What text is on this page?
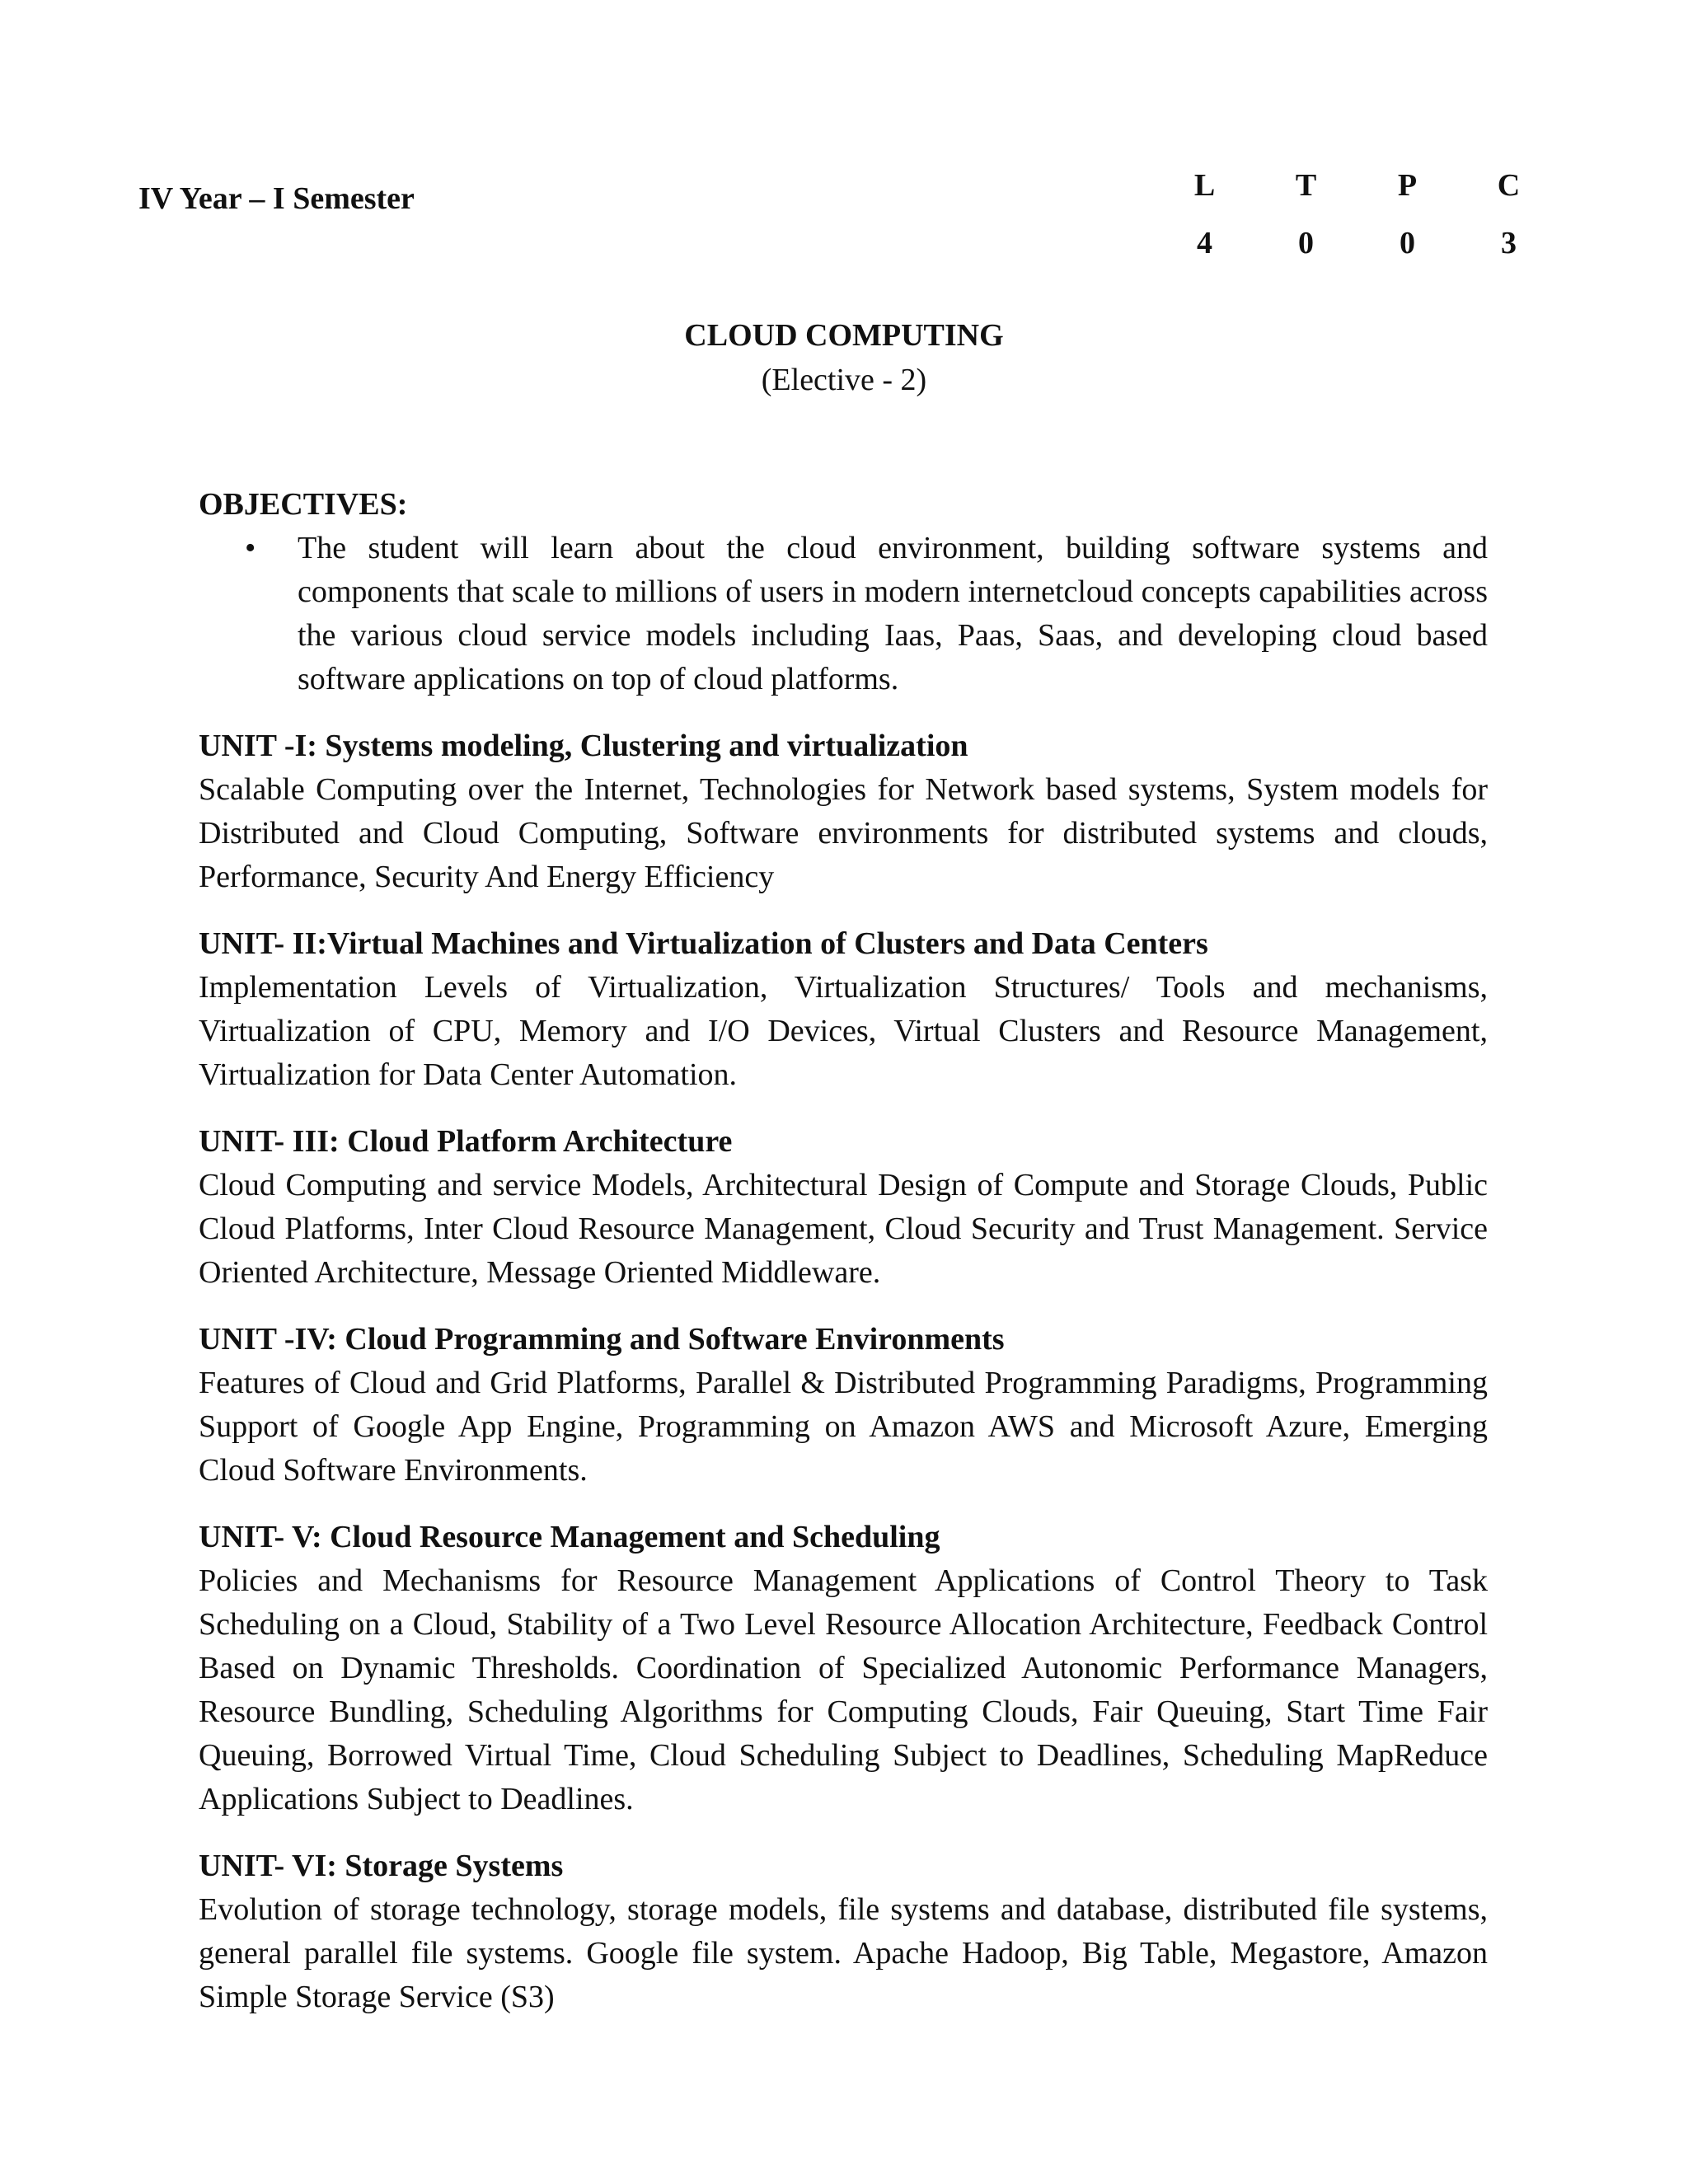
IV Year – I Semester	L	T	P	C
4	0	0	3
CLOUD COMPUTING
(Elective - 2)
OBJECTIVES:
• The student will learn about the cloud environment, building software systems and components that scale to millions of users in modern internetcloud concepts capabilities across the various cloud service models including Iaas, Paas, Saas, and developing cloud based software applications on top of cloud platforms.
UNIT -I: Systems modeling, Clustering and virtualization
Scalable Computing over the Internet, Technologies for Network based systems, System models for Distributed and Cloud Computing, Software environments for distributed systems and clouds, Performance, Security And Energy Efficiency
UNIT- II:Virtual Machines and Virtualization of Clusters and Data Centers
Implementation Levels of Virtualization, Virtualization Structures/ Tools and mechanisms, Virtualization of CPU, Memory and I/O Devices, Virtual Clusters and Resource Management, Virtualization for Data Center Automation.
UNIT- III: Cloud Platform Architecture
Cloud Computing and service Models, Architectural Design of Compute and Storage Clouds, Public Cloud Platforms, Inter Cloud Resource Management, Cloud Security and Trust Management. Service Oriented Architecture, Message Oriented Middleware.
UNIT -IV: Cloud Programming and Software Environments
Features of Cloud and Grid Platforms, Parallel & Distributed Programming Paradigms, Programming Support of Google App Engine, Programming on Amazon AWS and Microsoft Azure, Emerging Cloud Software Environments.
UNIT- V: Cloud Resource Management and Scheduling
Policies and Mechanisms for Resource Management Applications of Control Theory to Task Scheduling on a Cloud, Stability of a Two Level Resource Allocation Architecture, Feedback Control Based on Dynamic Thresholds. Coordination of Specialized Autonomic Performance Managers, Resource Bundling, Scheduling Algorithms for Computing Clouds, Fair Queuing, Start Time Fair Queuing, Borrowed Virtual Time, Cloud Scheduling Subject to Deadlines, Scheduling MapReduce Applications Subject to Deadlines.
UNIT- VI: Storage Systems
Evolution of storage technology, storage models, file systems and database, distributed file systems, general parallel file systems. Google file system. Apache Hadoop, Big Table, Megastore, Amazon Simple Storage Service (S3)
